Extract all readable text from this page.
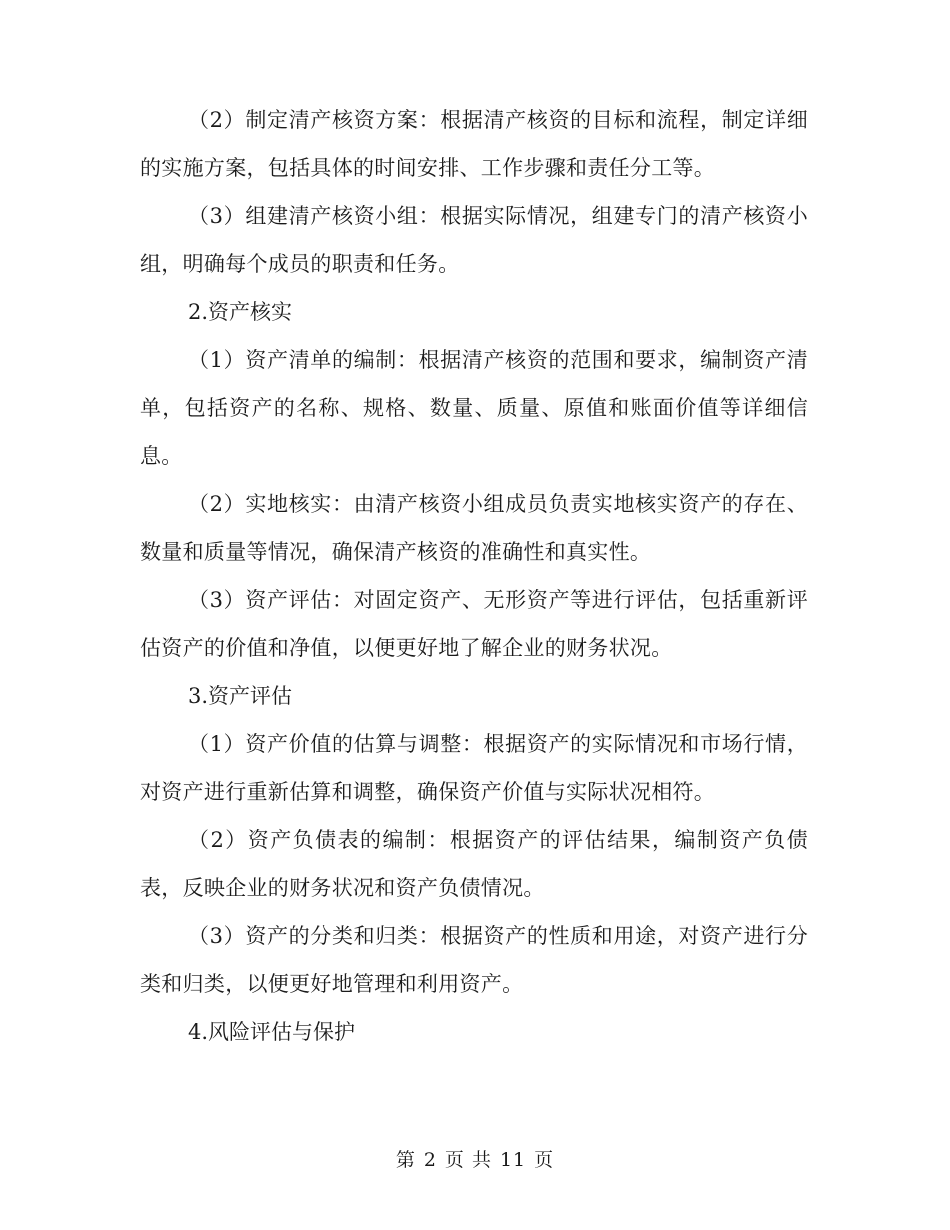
（2）制定清产核资方案：根据清产核资的目标和流程，制定详细的实施方案，包括具体的时间安排、工作步骤和责任分工等。

（3）组建清产核资小组：根据实际情况，组建专门的清产核资小组，明确每个成员的职责和任务。

2.资产核实

（1）资产清单的编制：根据清产核资的范围和要求，编制资产清单，包括资产的名称、规格、数量、质量、原值和账面价值等详细信息。

（2）实地核实：由清产核资小组成员负责实地核实资产的存在、数量和质量等情况，确保清产核资的准确性和真实性。

（3）资产评估：对固定资产、无形资产等进行评估，包括重新评估资产的价值和净值，以便更好地了解企业的财务状况。

3.资产评估

（1）资产价值的估算与调整：根据资产的实际情况和市场行情，对资产进行重新估算和调整，确保资产价值与实际状况相符。

（2）资产负债表的编制：根据资产的评估结果，编制资产负债表，反映企业的财务状况和资产负债情况。

（3）资产的分类和归类：根据资产的性质和用途，对资产进行分类和归类，以便更好地管理和利用资产。

4.风险评估与保护

第 2 页 共 11 页
